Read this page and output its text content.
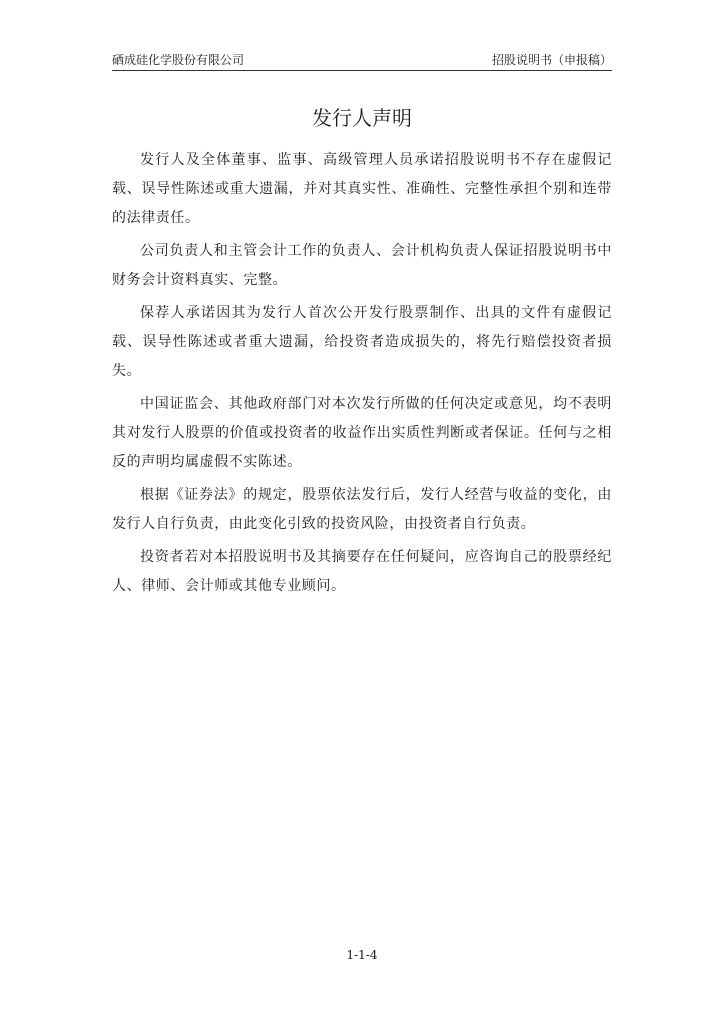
硒成硅化学股份有限公司	招股说明书（申报稿）
发行人声明

发行人及全体董事、监事、高级管理人员承诺招股说明书不存在虚假记载、误导性陈述或重大遗漏，并对其真实性、准确性、完整性承担个别和连带的法律责任。

公司负责人和主管会计工作的负责人、会计机构负责人保证招股说明书中财务会计资料真实、完整。

保荐人承诺因其为发行人首次公开发行股票制作、出具的文件有虚假记载、误导性陈述或者重大遗漏，给投资者造成损失的，将先行赔偿投资者损失。

中国证监会、其他政府部门对本次发行所做的任何决定或意见，均不表明其对发行人股票的价值或投资者的收益作出实质性判断或者保证。任何与之相反的声明均属虚假不实陈述。

根据《证券法》的规定，股票依法发行后，发行人经营与收益的变化，由发行人自行负责，由此变化引致的投资风险，由投资者自行负责。

投资者若对本招股说明书及其摘要存在任何疑问，应咨询自己的股票经纪人、律师、会计师或其他专业顾问。

1-1-4
